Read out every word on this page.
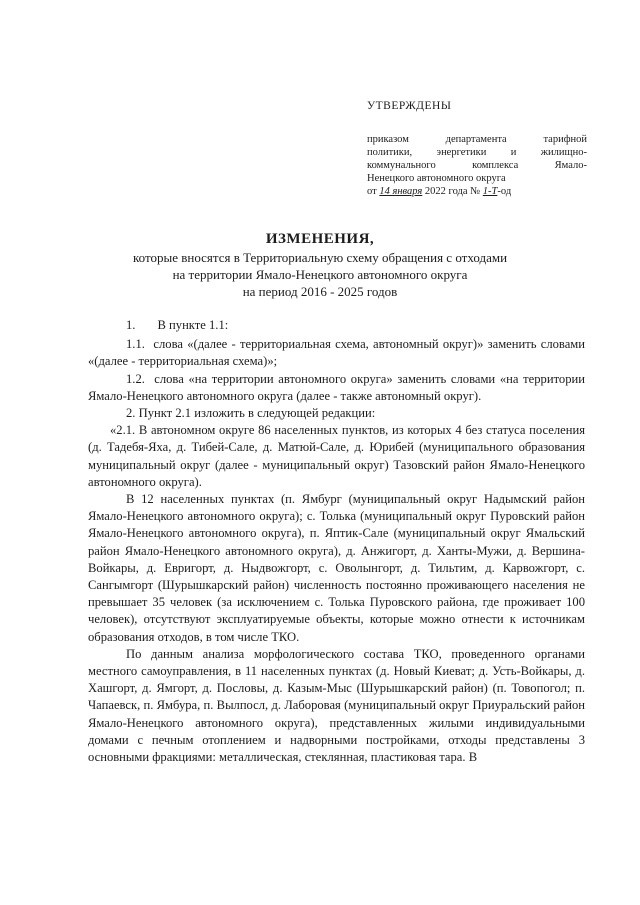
УТВЕРЖДЕНЫ
приказом департамента тарифной
политики, энергетики и жилищно-
коммунального комплекса Ямало-
Ненецкого автономного округа
от 14 января 2022 года № 1-Т-од
ИЗМЕНЕНИЯ,
которые вносятся в Территориальную схему обращения с отходами
на территории Ямало-Ненецкого автономного округа
на период 2016 - 2025 годов

1.       В пункте 1.1:

1.1.  слова «(далее - территориальная схема, автономный округ)» заменить словами «(далее - территориальная схема)»;

1.2.  слова «на территории автономного округа» заменить словами «на территории Ямало-Ненецкого автономного округа (далее - также автономный округ).

2. Пункт 2.1 изложить в следующей редакции:

«2.1. В автономном округе 86 населенных пунктов, из которых 4 без статуса поселения (д. Тадебя-Яха, д. Тибей-Сале, д. Матюй-Сале, д. Юрибей (муниципального образования муниципальный округ (далее - муниципальный округ) Тазовский район Ямало-Ненецкого автономного округа).

В 12 населенных пунктах (п. Ямбург (муниципальный округ Надымский район Ямало-Ненецкого автономного округа); с. Толька (муниципальный округ Пуровский район Ямало-Ненецкого автономного округа), п. Яптик-Сале (муниципальный округ Ямальский район Ямало-Ненецкого автономного округа), д. Анжигорт, д. Ханты-Мужи, д. Вершина-Войкары, д. Евригорт, д. Ныдвожгорт, с. Оволынгорт, д. Тильтим, д. Карвожгорт, с. Сангымгорт (Шурышкарский район) численность постоянно проживающего населения не превышает 35 человек (за исключением с. Толька Пуровского района, где проживает 100 человек), отсутствуют эксплуатируемые объекты, которые можно отнести к источникам образования отходов, в том числе ТКО.

По данным анализа морфологического состава ТКО, проведенного органами местного самоуправления, в 11 населенных пунктах (д. Новый Киеват; д. Усть-Войкары, д. Хашгорт, д. Ямгорт, д. Пословы, д. Казым-Мыс (Шурышкарский район) (п. Товопогол; п. Чапаевск, п. Ямбура, п. Вылпосл, д. Лаборовая (муниципальный округ Приуральский район Ямало-Ненецкого автономного округа), представленных жилыми индивидуальными домами с печным отоплением и надворными постройками, отходы представлены 3 основными фракциями: металлическая, стеклянная, пластиковая тара. В
